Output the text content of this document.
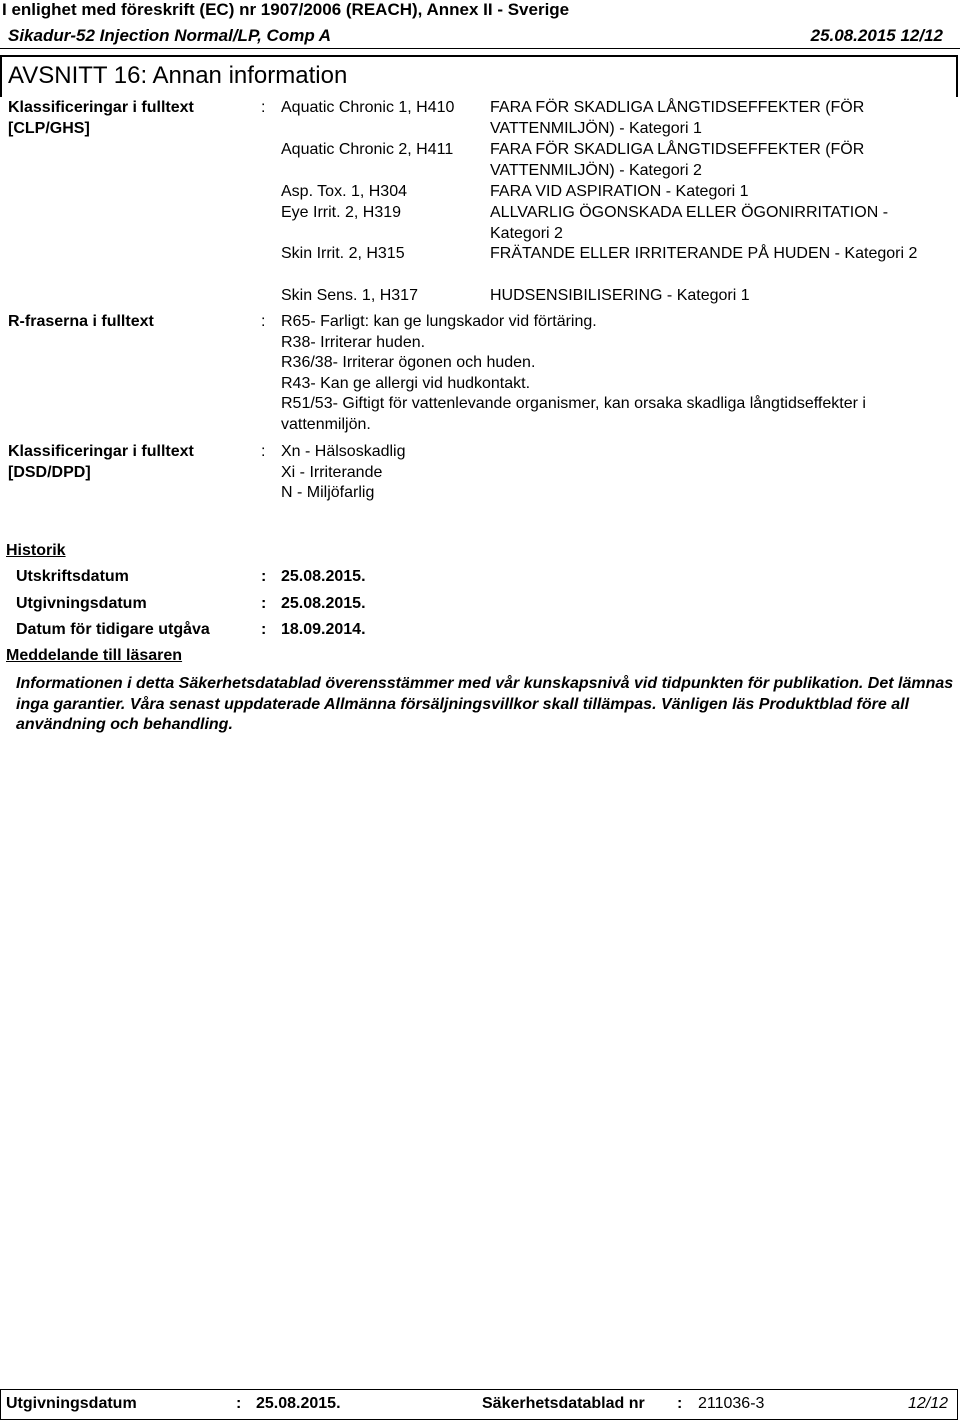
I enlighet med föreskrift (EC) nr 1907/2006 (REACH), Annex II - Sverige
Sikadur-52 Injection Normal/LP, Comp A	25.08.2015 12/12
AVSNITT 16: Annan information
Klassificeringar i fulltext
[CLP/GHS]
: Aquatic Chronic 1, H410 FARA FÖR SKADLIGA LÅNGTIDSEFFEKTER (FÖR VATTENMILJÖN) - Kategori 1
Aquatic Chronic 2, H411 FARA FÖR SKADLIGA LÅNGTIDSEFFEKTER (FÖR VATTENMILJÖN) - Kategori 2
Asp. Tox. 1, H304	FARA VID ASPIRATION - Kategori 1
Eye Irrit. 2, H319	ALLVARLIG ÖGONSKADA ELLER ÖGONIRRITATION - Kategori 2
Skin Irrit. 2, H315	FRÄTANDE ELLER IRRITERANDE PÅ HUDEN - Kategori 2
Skin Sens. 1, H317	HUDSENSIBILISERING - Kategori 1
R-fraserna i fulltext	: R65- Farligt: kan ge lungskador vid förtäring.
R38- Irriterar huden.
R36/38- Irriterar ögonen och huden.
R43- Kan ge allergi vid hudkontakt.
R51/53- Giftigt för vattenlevande organismer, kan orsaka skadliga långtidseffekter i vattenmiljön.
Klassificeringar i fulltext
[DSD/DPD]
: Xn - Hälsoskadlig
Xi - Irriterande
N - Miljöfarlig
Historik
Utskriftsdatum	: 25.08.2015.
Utgivningsdatum	: 25.08.2015.
Datum för tidigare utgåva	: 18.09.2014.
Meddelande till läsaren
Informationen i detta Säkerhetsdatablad överensstämmer med vår kunskapsnivå vid tidpunkten för publikation. Det lämnas inga garantier. Våra senast uppdaterade Allmänna försäljningsvillkor skall tillämpas. Vänligen läs Produktblad före all användning och behandling.
Utgivningsdatum	: 25.08.2015.	Säkerhetsdatablad nr : 211036-3	12/12
